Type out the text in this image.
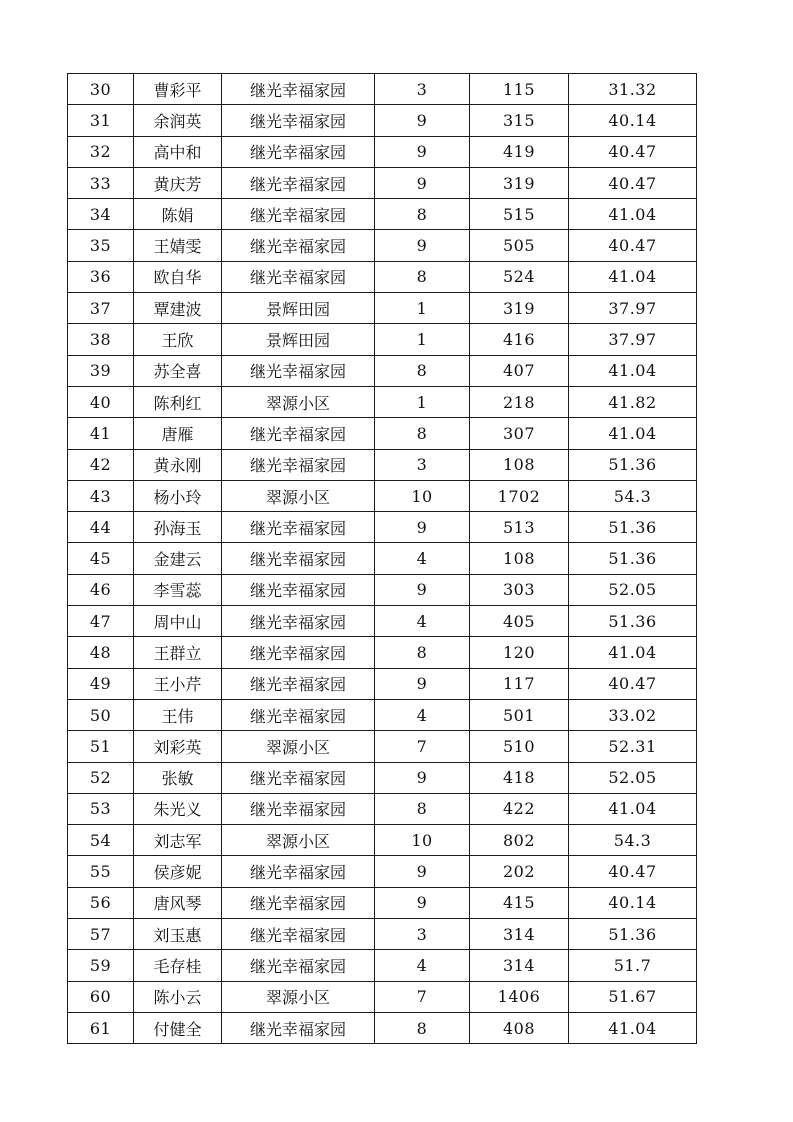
30	曹彩平	继光幸福家园	3	115	31.32
31	余润英	继光幸福家园	9	315	40.14
32	高中和	继光幸福家园	9	419	40.47
33	黄庆芳	继光幸福家园	9	319	40.47
34	陈娟	继光幸福家园	8	515	41.04
35	王婧雯	继光幸福家园	9	505	40.47
36	欧自华	继光幸福家园	8	524	41.04
37	覃建波	景辉田园	1	319	37.97
38	王欣	景辉田园	1	416	37.97
39	苏全喜	继光幸福家园	8	407	41.04
40	陈利红	翠源小区	1	218	41.82
41	唐雁	继光幸福家园	8	307	41.04
42	黄永刚	继光幸福家园	3	108	51.36
43	杨小玲	翠源小区	10	1702	54.3
44	孙海玉	继光幸福家园	9	513	51.36
45	金建云	继光幸福家园	4	108	51.36
46	李雪蕊	继光幸福家园	9	303	52.05
47	周中山	继光幸福家园	4	405	51.36
48	王群立	继光幸福家园	8	120	41.04
49	王小芹	继光幸福家园	9	117	40.47
50	王伟	继光幸福家园	4	501	33.02
51	刘彩英	翠源小区	7	510	52.31
52	张敏	继光幸福家园	9	418	52.05
53	朱光义	继光幸福家园	8	422	41.04
54	刘志军	翠源小区	10	802	54.3
55	侯彦妮	继光幸福家园	9	202	40.47
56	唐风琴	继光幸福家园	9	415	40.14
57	刘玉惠	继光幸福家园	3	314	51.36
59	毛存桂	继光幸福家园	4	314	51.7
60	陈小云	翠源小区	7	1406	51.67
61	付健全	继光幸福家园	8	408	41.04
